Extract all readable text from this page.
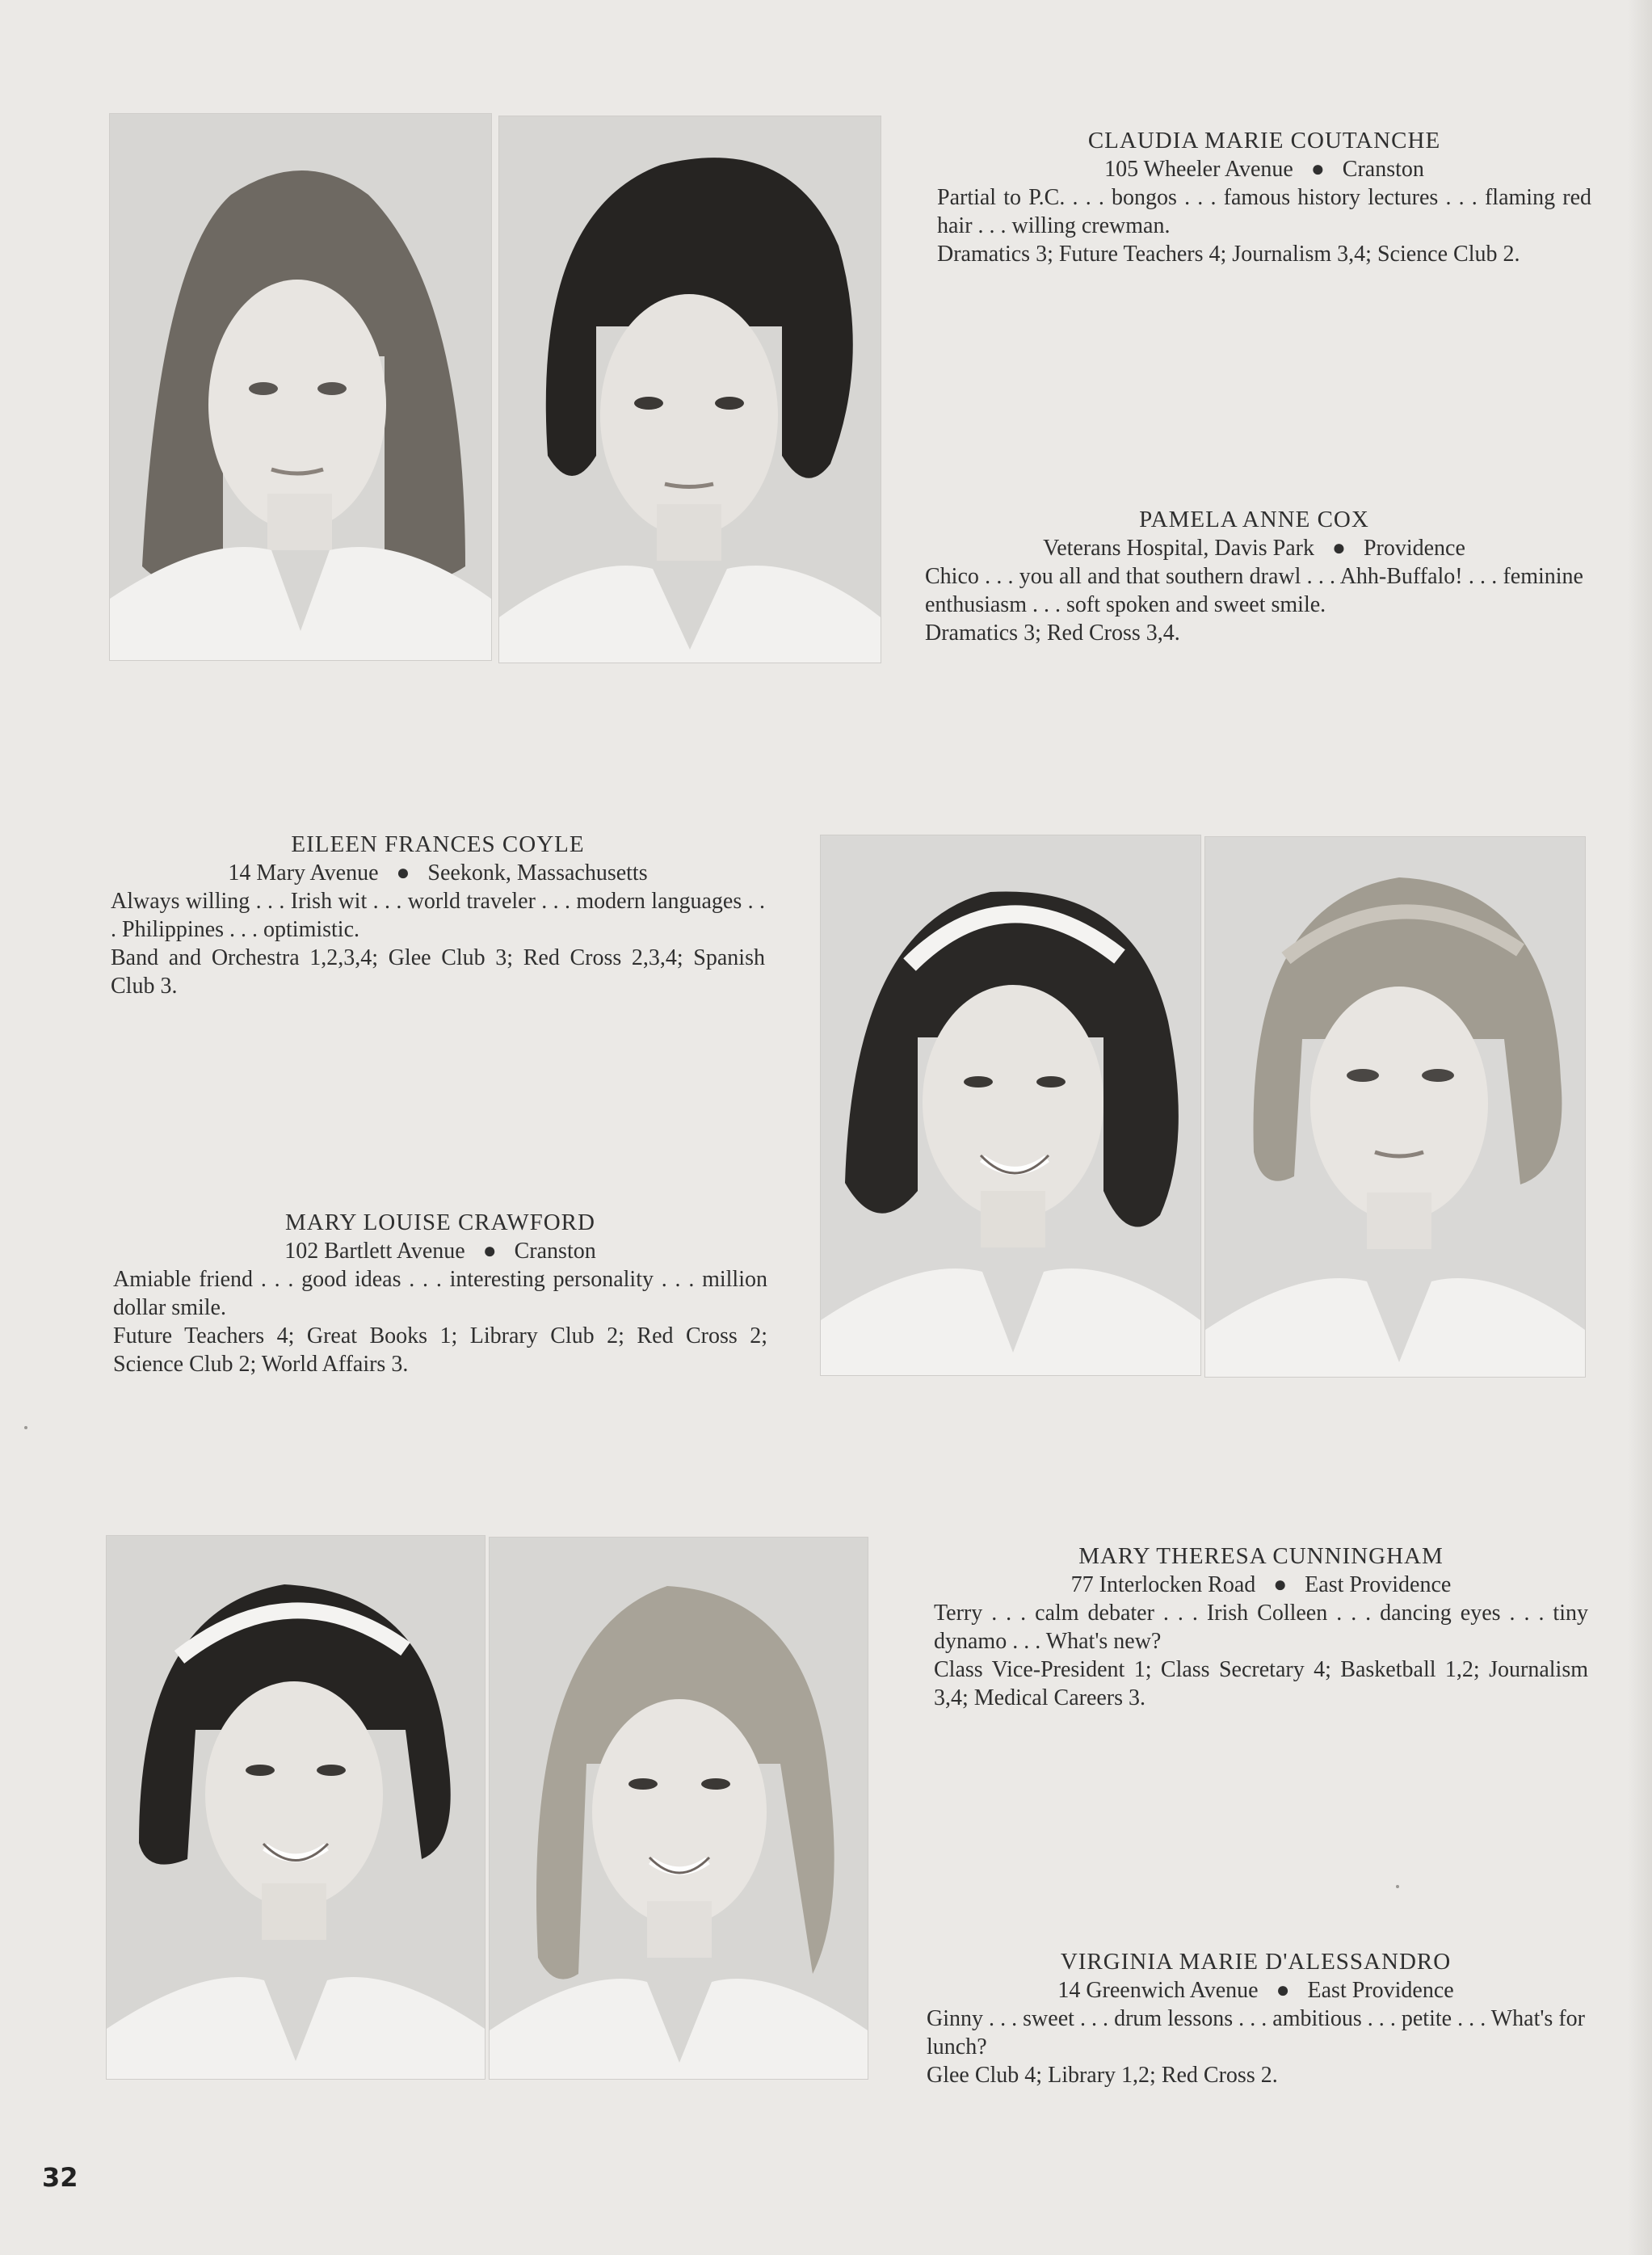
CLAUDIA MARIE COUTANCHE
105 Wheeler Avenue ● Cranston
Partial to P.C. . . . bongos . . . famous history lectures . . . flaming red hair . . . willing crewman.
Dramatics 3; Future Teachers 4; Journalism 3,4; Science Club 2.
PAMELA ANNE COX
Veterans Hospital, Davis Park ● Providence
Chico . . . you all and that southern drawl . . . Ahh-Buffalo! . . . feminine enthusiasm . . . soft spoken and sweet smile.
Dramatics 3; Red Cross 3,4.
EILEEN FRANCES COYLE
14 Mary Avenue ● Seekonk, Massachusetts
Always willing . . . Irish wit . . . world traveler . . . modern languages . . . Philippines . . . optimistic.
Band and Orchestra 1,2,3,4; Glee Club 3; Red Cross 2,3,4; Spanish Club 3.
MARY LOUISE CRAWFORD
102 Bartlett Avenue ● Cranston
Amiable friend . . . good ideas . . . interesting personality . . . million dollar smile.
Future Teachers 4; Great Books 1; Library Club 2; Red Cross 2; Science Club 2; World Affairs 3.
MARY THERESA CUNNINGHAM
77 Interlocken Road ● East Providence
Terry . . . calm debater . . . Irish Colleen . . . dancing eyes . . . tiny dynamo . . . What's new?
Class Vice-President 1; Class Secretary 4; Basketball 1,2; Journalism 3,4; Medical Careers 3.
VIRGINIA MARIE D'ALESSANDRO
14 Greenwich Avenue ● East Providence
Ginny . . . sweet . . . drum lessons . . . ambitious . . . petite . . . What's for lunch?
Glee Club 4; Library 1,2; Red Cross 2.
32
